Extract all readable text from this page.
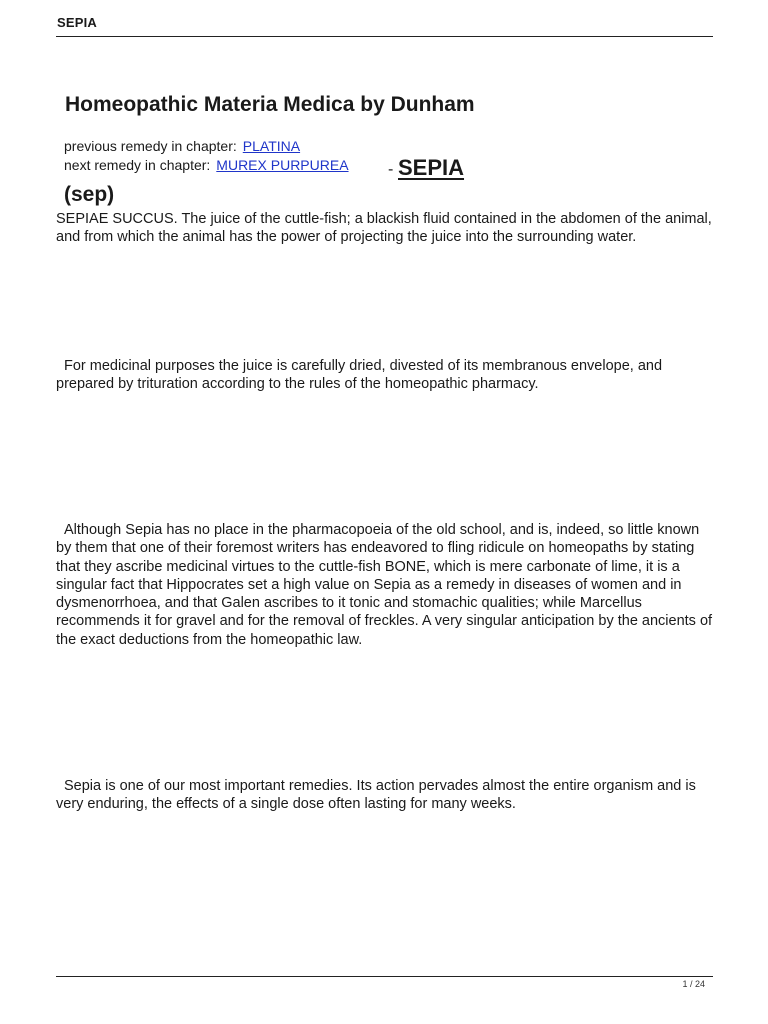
SEPIA
Homeopathic Materia Medica by Dunham
previous remedy in chapter: PLATINA
next remedy in chapter: MUREX PURPUREA - SEPIA
(sep)

SEPIAE SUCCUS. The juice of the cuttle-fish; a blackish fluid contained in the abdomen of the animal, and from which the animal has the power of projecting the juice into the surrounding water.

For medicinal purposes the juice is carefully dried, divested of its membranous envelope, and prepared by trituration according to the rules of the homeopathic pharmacy.

Although Sepia has no place in the pharmacopoeia of the old school, and is, indeed, so little known by them that one of their foremost writers has endeavored to fling ridicule on homeopaths by stating that they ascribe medicinal virtues to the cuttle-fish BONE, which is mere carbonate of lime, it is a singular fact that Hippocrates set a high value on Sepia as a remedy in diseases of women and in dysmenorrhoea, and that Galen ascribes to it tonic and stomachic qualities; while Marcellus recommends it for gravel and for the removal of freckles. A very singular anticipation by the ancients of the exact deductions from the homeopathic law.

Sepia is one of our most important remedies. Its action pervades almost the entire organism and is very enduring, the effects of a single dose often lasting for many weeks.

1 / 24
